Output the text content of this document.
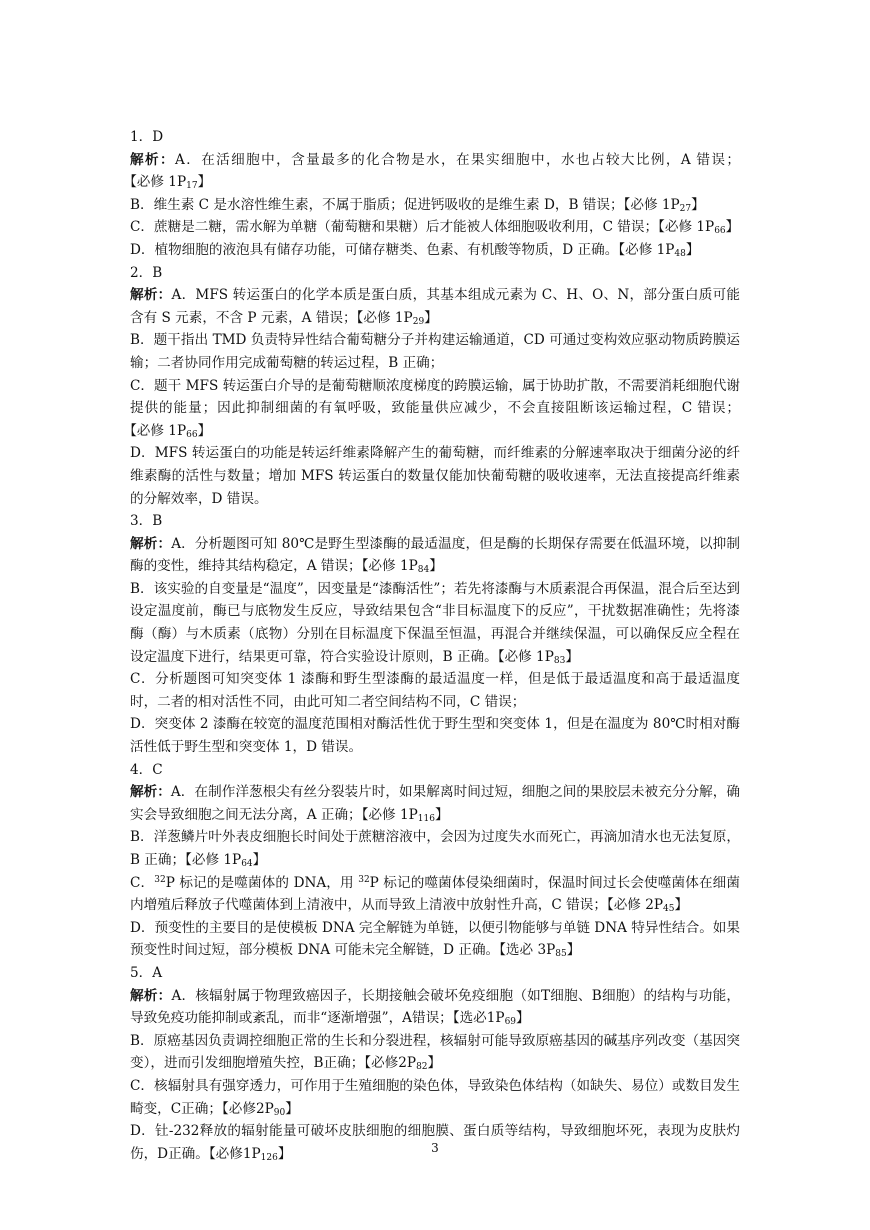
1．D

解析：A．在活细胞中，含量最多的化合物是水，在果实细胞中，水也占较大比例，A 错误；【必修 $1P_{17}$】

B．维生素 C 是水溶性维生素，不属于脂质；促进钙吸收的是维生素 D，B 错误；【必修 $1P_{27}$】

C．蔗糖是二糖，需水解为单糖（葡萄糖和果糖）后才能被人体细胞吸收利用，C 错误；【必修 $1P_{66}$】

D．植物细胞的液泡具有储存功能，可储存糖类、色素、有机酸等物质，D 正确。【必修 $1P_{48}$】

2．B

解析：A．MFS 转运蛋白的化学本质是蛋白质，其基本组成元素为 C、H、O、N，部分蛋白质可能含有 S 元素，不含 P 元素，A 错误；【必修 $1P_{29}$】

B．题干指出 TMD 负责特异性结合葡萄糖分子并构建运输通道，CD 可通过变构效应驱动物质跨膜运输；二者协同作用完成葡萄糖的转运过程，B 正确；

C．题干 MFS 转运蛋白介导的是葡萄糖顺浓度梯度的跨膜运输，属于协助扩散，不需要消耗细胞代谢提供的能量；因此抑制细菌的有氧呼吸，致能量供应减少，不会直接阻断该运输过程，C 错误；【必修 $1P_{66}$】

D．MFS 转运蛋白的功能是转运纤维素降解产生的葡萄糖，而纤维素的分解速率取决于细菌分泌的纤维素酶的活性与数量；增加 MFS 转运蛋白的数量仅能加快葡萄糖的吸收速率，无法直接提高纤维素的分解效率，D 错误。

3．B

解析：A．分析题图可知 80℃是野生型漆酶的最适温度，但是酶的长期保存需要在低温环境，以抑制酶的变性，维持其结构稳定，A 错误；【必修 $1P_{84}$】

B．该实验的自变量是“温度”，因变量是“漆酶活性”；若先将漆酶与木质素混合再保温，混合后至达到设定温度前，酶已与底物发生反应，导致结果包含“非目标温度下的反应”，干扰数据准确性；先将漆酶（酶）与木质素（底物）分别在目标温度下保温至恒温，再混合并继续保温，可以确保反应全程在设定温度下进行，结果更可靠，符合实验设计原则，B 正确。【必修 $1P_{83}$】

C．分析题图可知突变体 1 漆酶和野生型漆酶的最适温度一样，但是低于最适温度和高于最适温度时，二者的相对活性不同，由此可知二者空间结构不同，C 错误；

D．突变体 2 漆酶在较宽的温度范围相对酶活性优于野生型和突变体 1，但是在温度为 80℃时相对酶活性低于野生型和突变体 1，D 错误。

4．C

解析：A．在制作洋葱根尖有丝分裂装片时，如果解离时间过短，细胞之间的果胶层未被充分分解，确实会导致细胞之间无法分离，A 正确；【必修 $1P_{116}$】

B．洋葱鳞片叶外表皮细胞长时间处于蔗糖溶液中，会因为过度失水而死亡，再滴加清水也无法复原，B 正确；【必修 $1P_{64}$】

C．$^{32}$P 标记的是噬菌体的 DNA，用 $^{32}$P 标记的噬菌体侵染细菌时，保温时间过长会使噬菌体在细菌内增殖后释放子代噬菌体到上清液中，从而导致上清液中放射性升高，C 错误；【必修 $2P_{45}$】

D．预变性的主要目的是使模板 DNA 完全解链为单链，以便引物能够与单链 DNA 特异性结合。如果预变性时间过短，部分模板 DNA 可能未完全解链，D 正确。【选必 $3P_{85}$】

5．A

解析：A．核辐射属于物理致癌因子，长期接触会破坏免疫细胞（如T细胞、B细胞）的结构与功能，导致免疫功能抑制或紊乱，而非“逐渐增强”，A错误；【选必$1P_{69}$】

B．原癌基因负责调控细胞正常的生长和分裂进程，核辐射可能导致原癌基因的碱基序列改变（基因突变），进而引发细胞增殖失控，B正确；【必修$2P_{82}$】

C．核辐射具有强穿透力，可作用于生殖细胞的染色体，导致染色体结构（如缺失、易位）或数目发生畸变，C正确；【必修$2P_{90}$】

D．钍-232释放的辐射能量可破坏皮肤细胞的细胞膜、蛋白质等结构，导致细胞坏死，表现为皮肤灼伤，D正确。【必修$1P_{126}$】	3
